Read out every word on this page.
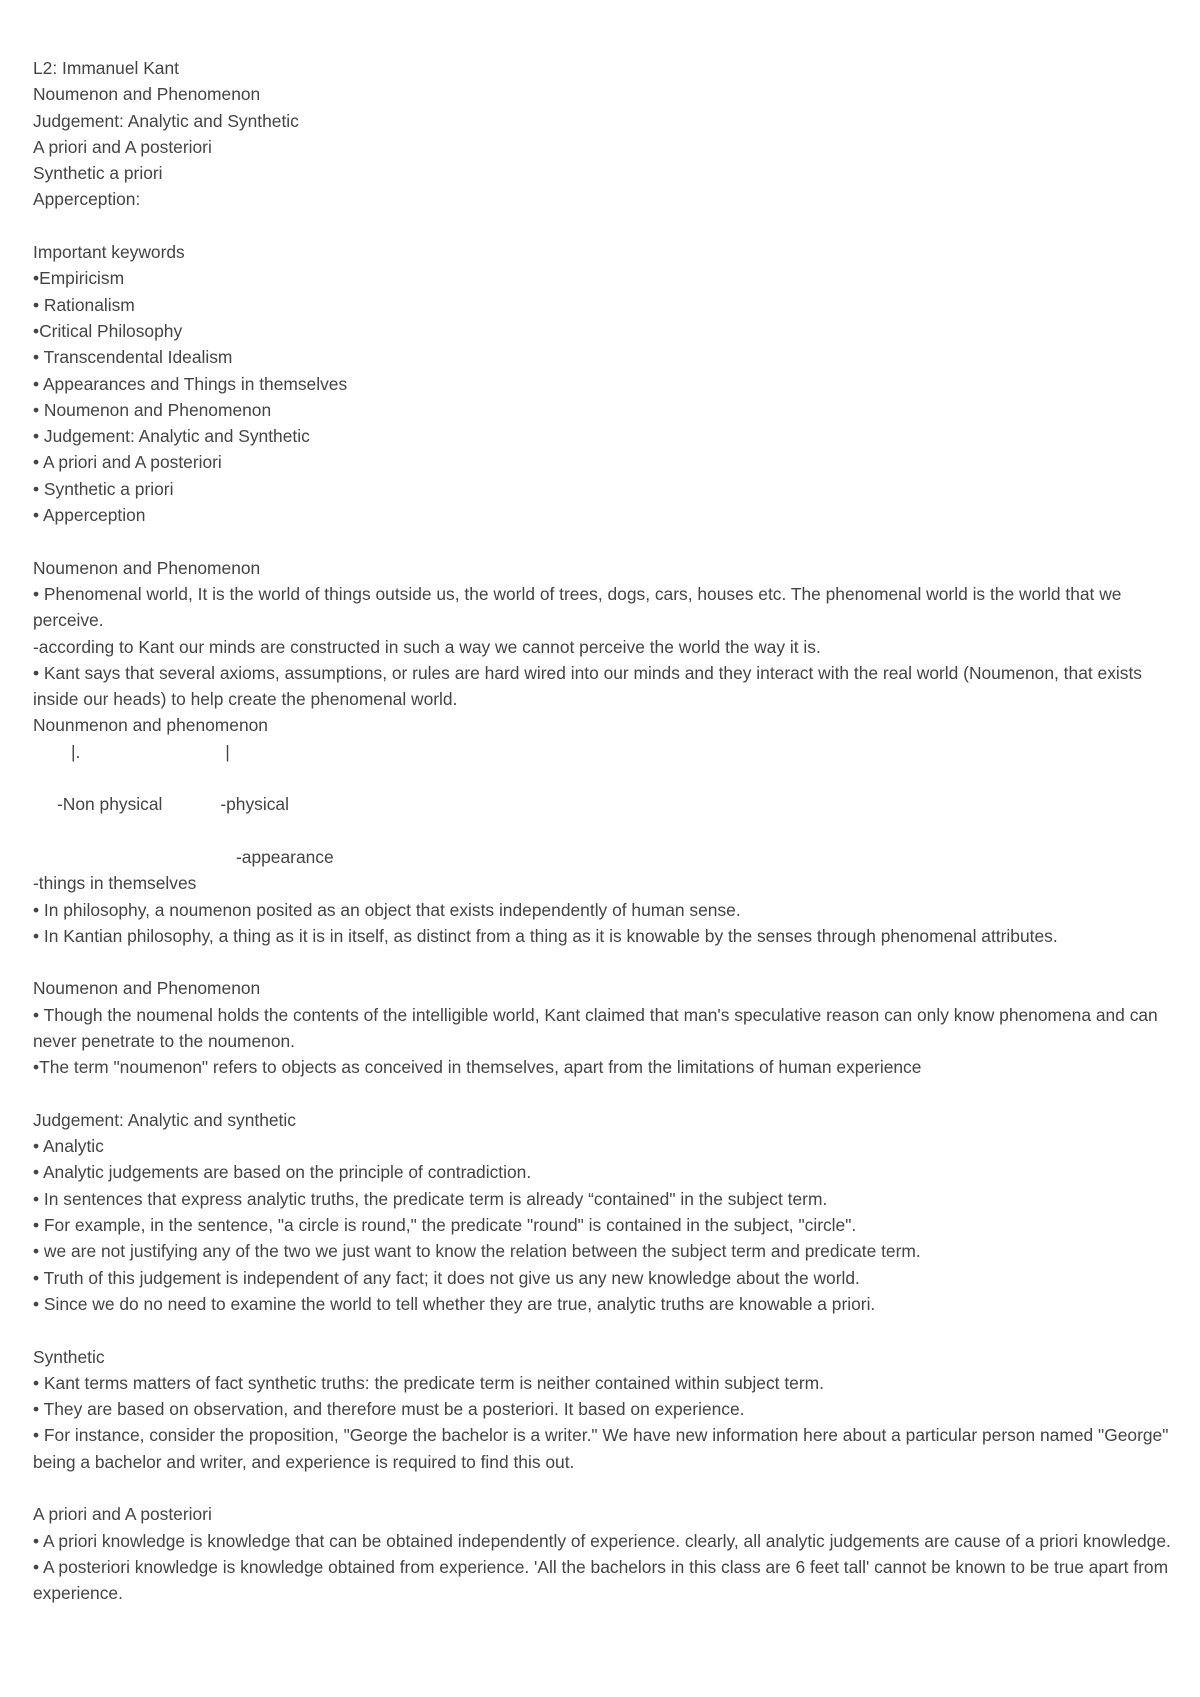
L2: Immanuel Kant
Noumenon and Phenomenon
Judgement: Analytic and Synthetic
A priori and A posteriori
Synthetic a priori
Apperception:
Important keywords
•Empiricism
• Rationalism
•Critical Philosophy
• Transcendental Idealism
• Appearances and Things in themselves
• Noumenon and Phenomenon
• Judgement: Analytic and Synthetic
• A priori and A posteriori
• Synthetic a priori
• Apperception
Noumenon and Phenomenon
• Phenomenal world, It is the world of things outside us, the world of trees, dogs, cars, houses etc. The phenomenal world is the world that we perceive.
-according to Kant our minds are constructed in such a way we cannot perceive the world the way it is.
• Kant says that several axioms, assumptions, or rules are hard wired into our minds and they interact with the real world (Noumenon, that exists inside our heads) to help create the phenomenal world.
Nounmenon and phenomenon
|.                              |
-Non physical            -physical
-appearance
-things in themselves
• In philosophy, a noumenon posited as an object that exists independently of human sense.
• In Kantian philosophy, a thing as it is in itself, as distinct from a thing as it is knowable by the senses through phenomenal attributes.
Noumenon and Phenomenon
• Though the noumenal holds the contents of the intelligible world, Kant claimed that man's speculative reason can only know phenomena and can never penetrate to the noumenon.
•The term "noumenon" refers to objects as conceived in themselves, apart from the limitations of human experience
Judgement: Analytic and synthetic
• Analytic
• Analytic judgements are based on the principle of contradiction.
• In sentences that express analytic truths, the predicate term is already “contained" in the subject term.
• For example, in the sentence, "a circle is round," the predicate "round" is contained in the subject, "circle".
• we are not justifying any of the two we just want to know the relation between the subject term and predicate term.
• Truth of this judgement is independent of any fact; it does not give us any new knowledge about the world.
• Since we do no need to examine the world to tell whether they are true, analytic truths are knowable a priori.
Synthetic
• Kant terms matters of fact synthetic truths: the predicate term is neither contained within subject term.
• They are based on observation, and therefore must be a posteriori. It based on experience.
• For instance, consider the proposition, "George the bachelor is a writer." We have new information here about a particular person named "George" being a bachelor and writer, and experience is required to find this out.
A priori and A posteriori
• A priori knowledge is knowledge that can be obtained independently of experience. clearly, all analytic judgements are cause of a priori knowledge.
• A posteriori knowledge is knowledge obtained from experience. 'All the bachelors in this class are 6 feet tall' cannot be known to be true apart from experience.
